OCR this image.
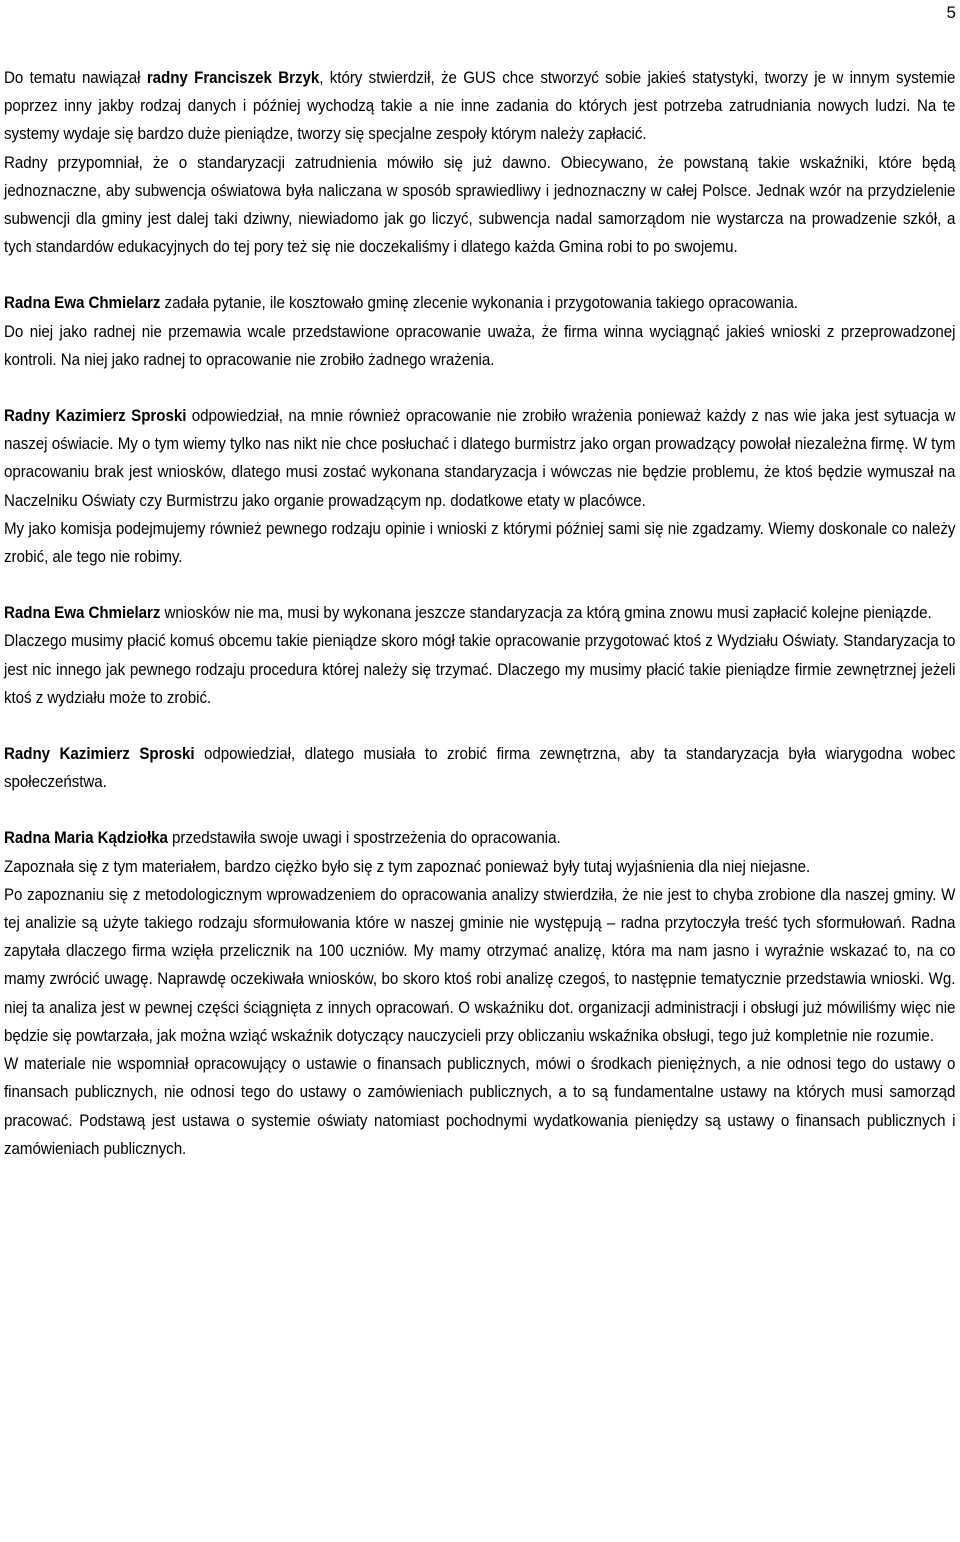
5

Do tematu nawiązał radny Franciszek Brzyk, który stwierdził, że GUS chce stworzyć sobie jakieś statystyki, tworzy je w innym systemie poprzez inny jakby rodzaj danych i później wychodzą takie a nie inne zadania do których jest potrzeba zatrudniania nowych ludzi. Na te systemy wydaje się bardzo duże pieniądze, tworzy się specjalne zespoły którym należy zapłacić.

Radny przypomniał, że o standaryzacji zatrudnienia mówiło się już dawno. Obiecywano, że powstaną takie wskaźniki, które będą jednoznaczne, aby subwencja oświatowa była naliczana w sposób sprawiedliwy i jednoznaczny w całej Polsce. Jednak wzór na przydzielenie subwencji dla gminy jest dalej taki dziwny, niewiadomo jak go liczyć, subwencja nadal samorządom nie wystarcza na prowadzenie szkół, a tych standardów edukacyjnych do tej pory też się nie doczekaliśmy i dlatego każda Gmina robi to po swojemu.

Radna Ewa Chmielarz zadała pytanie, ile kosztowało gminę zlecenie wykonania i przygotowania takiego opracowania.

Do niej jako radnej nie przemawia wcale przedstawione opracowanie uważa, że firma winna wyciągnąć jakieś wnioski z przeprowadzonej kontroli. Na niej jako radnej to opracowanie nie zrobiło żadnego wrażenia.

Radny Kazimierz Sproski odpowiedział, na mnie również opracowanie nie zrobiło wrażenia ponieważ każdy z nas wie jaka jest sytuacja w naszej oświacie. My o tym wiemy tylko nas nikt nie chce posłuchać i dlatego burmistrz jako organ prowadzący powołał niezależna firmę. W tym opracowaniu brak jest wniosków, dlatego musi zostać wykonana standaryzacja i wówczas nie będzie problemu, że ktoś będzie wymuszał na Naczelniku Oświaty czy Burmistrzu jako organie prowadzącym np. dodatkowe etaty w placówce.

My jako komisja podejmujemy również pewnego rodzaju opinie i wnioski z którymi później sami się nie zgadzamy. Wiemy doskonale co należy zrobić, ale tego nie robimy.

Radna Ewa Chmielarz wniosków nie ma, musi by wykonana jeszcze standaryzacja za którą gmina znowu musi zapłacić kolejne pieniązde.

Dlaczego musimy płacić komuś obcemu takie pieniądze skoro mógł takie opracowanie przygotować ktoś z Wydziału Oświaty. Standaryzacja to jest nic innego jak pewnego rodzaju procedura której należy się trzymać. Dlaczego my musimy płacić takie pieniądze firmie zewnętrznej jeżeli ktoś z wydziału może to zrobić.

Radny Kazimierz Sproski odpowiedział, dlatego musiała to zrobić firma zewnętrzna, aby ta standaryzacja była wiarygodna wobec społeczeństwa.

Radna Maria Kądziołka przedstawiła swoje uwagi i spostrzeżenia do opracowania.

Zapoznała się z tym materiałem, bardzo ciężko było się z tym zapoznać ponieważ były tutaj wyjaśnienia dla niej niejasne.

Po zapoznaniu się z metodologicznym wprowadzeniem do opracowania analizy stwierdziła, że nie jest to chyba zrobione dla naszej gminy. W tej analizie są użyte takiego rodzaju sformułowania które w naszej gminie nie występują – radna przytoczyła treść tych sformułowań. Radna zapytała dlaczego firma wzięła przelicznik na 100 uczniów. My mamy otrzymać analizę, która ma nam jasno i wyraźnie wskazać to, na co mamy zwrócić uwagę. Naprawdę oczekiwała wniosków, bo skoro ktoś robi analizę czegoś, to następnie tematycznie przedstawia wnioski. Wg. niej ta analiza jest w pewnej części ściągnięta z innych opracowań. O wskaźniku dot. organizacji administracji i obsługi już mówiliśmy więc nie będzie się powtarzała, jak można wziąć wskaźnik dotyczący nauczycieli przy obliczaniu wskaźnika obsługi, tego już kompletnie nie rozumie.

W materiale nie wspomniał opracowujący o ustawie o finansach publicznych, mówi o środkach pieniężnych, a nie odnosi tego do ustawy o finansach publicznych, nie odnosi tego do ustawy o zamówieniach publicznych, a to są fundamentalne ustawy na których musi samorząd pracować. Podstawą jest ustawa o systemie oświaty natomiast pochodnymi wydatkowania pieniędzy są ustawy o finansach publicznych i zamówieniach publicznych.
